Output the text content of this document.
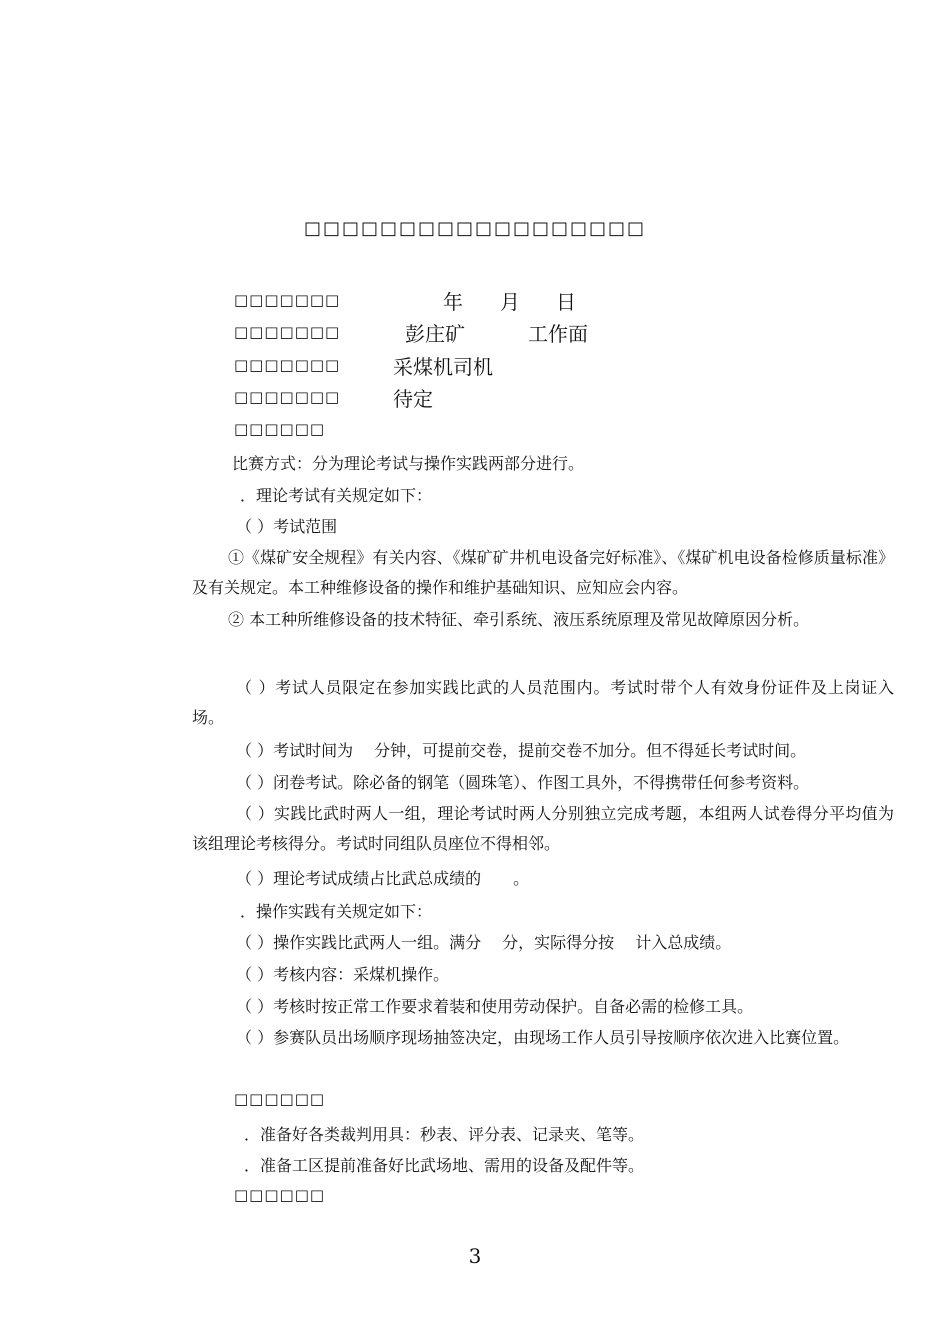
□□□□□□□□□□□□□□□□□□
□□□□□□□	年 月 日
□□□□□□□	彭庄矿	工作面
□□□□□□□	采煤机司机
□□□□□□□	待定
□□□□□□
比赛方式：分为理论考试与操作实践两部分进行。
．理论考试有关规定如下：
（ ）考试范围
①《煤矿安全规程》有关内容、《煤矿矿井机电设备完好标准》、《煤矿机电设备检修质量标准》及有关规定。本工种维修设备的操作和维护基础知识、应知应会内容。
② 本工种所维修设备的技术特征、牵引系统、液压系统原理及常见故障原因分析。
（ ）考试人员限定在参加实践比武的人员范围内。考试时带个人有效身份证件及上岗证入场。
（ ）考试时间为　 分钟，可提前交卷，提前交卷不加分。但不得延长考试时间。
（ ）闭卷考试。除必备的钢笔（圆珠笔）、作图工具外，不得携带任何参考资料。
（ ）实践比武时两人一组，理论考试时两人分别独立完成考题，本组两人试卷得分平均值为该组理论考核得分。考试时同组队员座位不得相邻。
（ ）理论考试成绩占比武总成绩的　　。
．操作实践有关规定如下：
（ ）操作实践比武两人一组。满分　 分，实际得分按　 计入总成绩。
（ ）考核内容：采煤机操作。
（ ）考核时按正常工作要求着装和使用劳动保护。自备必需的检修工具。
（ ）参赛队员出场顺序现场抽签决定，由现场工作人员引导按顺序依次进入比赛位置。
□□□□□□
．准备好各类裁判用具：秒表、评分表、记录夹、笔等。
．准备工区提前准备好比武场地、需用的设备及配件等。
□□□□□□
3
